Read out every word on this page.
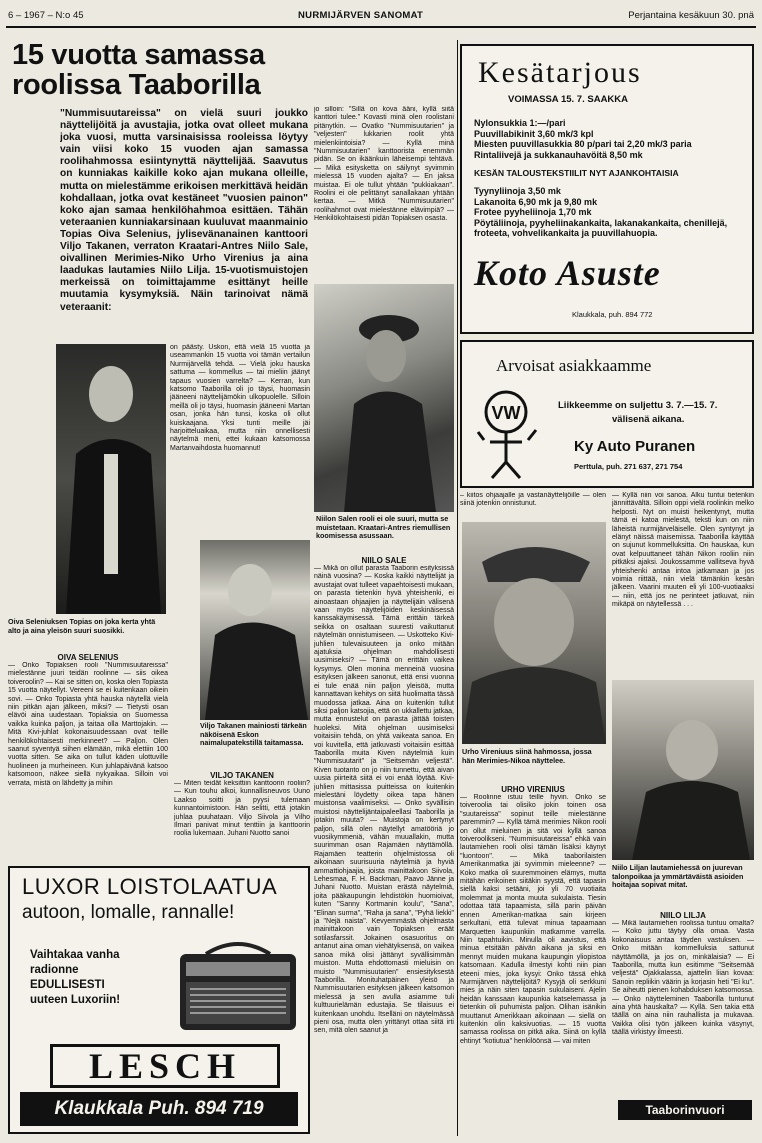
6 – 1967 – N:o 45	NURMIJÄRVEN SANOMAT	Perjantaina kesäkuun 30. pnä
15 vuotta samassa
roolissa Taaborilla
"Nummisuutareissa" on vielä suuri joukko näyttelijöitä ja avustajia, jotka ovat olleet mukana joka vuosi, mutta varsinaisissa rooleissa löytyy vain viisi koko 15 vuoden ajan samassa roolihahmossa esiintynyttä näyttelijää. Saavutus on kunniakas kaikille koko ajan mukana olleille, mutta on mielestämme erikoisen merkittävä heidän kohdallaan, jotka ovat kestäneet "vuosien painon" koko ajan samaa henkilöhahmoa esittäen. Tähän veteraanien kunniakarsinaan kuuluvat maanmainio Topias Oiva Selenius, jylisevänanainen kanttoori Viljo Takanen, verraton Kraatari-Antres Niilo Sale, oivallinen Merimies-Niko Urho Virenius ja aina laadukas lautamies Niilo Lilja. 15-vuotismuistojen merkeissä on toimittajamme esittänyt heille muutamia kysymyksiä. Näin tarinoivat nämä veteraanit:
jo silloin: "Sillä on kova ääni, kyllä siitä kanttori tulee." Kovasti minä olen roolistani pitänytkin. — Ovatko "Nummisuutarien" ja "veljesten" lukkarien roolit yhtä mielenkiintoisia? — Kyllä minä "Nummisuutarien" kanttoorista enemmän pidän. Se on ikäänkuin läheisempi tehtävä. — Mikä esitysketta on säilynyt syvimmin mielessä 15 vuoden ajalta? — En jaksa muistaa. Ei ole tullut yhtään "pukkiakaan". Roolini ei ole pelittänyt sanallakaan yhtään kertaa. — Mitkä "Nummisuutarien" roolihahmot ovat mielestänne elävimpiä? — Henkilökohtaisesti pidän Topiaksen osasta.
Niilon Salen rooli ei ole suuri, mutta se muistetaan. Kraatari-Antres riemullisen koomisessa asussaan.
NIILO SALE
— Mikä on ollut parasta Taaborin esityksissä näinä vuosina? — Koska kaikki näyttelijät ja avustajat ovat tulleet vapaehtoisesti mukaan, on parasta tietenkin hyvä yhteishenki, ei ainoastaan ohjaajien ja näyttelijäin välisenä vaan myös näyttelijöiden keskinäisessä kanssakäymisessä. Tämä erittäin tärkeä seikka on osaltaan suuresti vaikuttanut näytelmän onnistumiseen. — Uskotteko Kivi-juhlien tulevaisuuteen ja onko mitään ajatuksia ohjelman mahdollisesti uusimiseksi? — Tämä on erittäin vaikea kysymys. Olen monina menneinä vuosina esityksen jälkeen sanonut, että ensi vuonna ei tule enää niin paljon yleisöä, mutta kannattavan kehitys on siitä huolimatta tässä muodossa jatkaa. Aina on kuitenkin tullut siksi paljon katsojia, että on ukkallettu jatkaa, mutta ennustelut on parasta jättää toisten huoleksi. Mitä ohjelman uusimiseksi voitaisiin tehdä, on yhtä vaikeata sanoa. En voi kuvitella, että jatkuvasti voitaisiin esittää Taaborilla muita Kiven näytelmiä kuin "Nummisuutarit" ja "Seitsemän veljestä". Kiven tuotanto on jo niin tunnettu, että aivan uusia piirteitä siitä ei voi enää löytää. Kivi-juhlien mittasissa puitteissa on kuitenkin mielestäni löydetty oikea tapa hänen muistonsa vaalimiseksi. — Onko syvällisin muistosi näyttelijäntaipaleellasi Taaborilla ja jotakin muuta? — Muistoja on kertynyt paljon, sillä olen näytellyt amatööriä jo vuosikymmeniä, vähän muuallakin, mutta suurimman osan Rajamäen näyttämöllä. Rajamäen teatterin ohjelmistossa oli aikoinaan suurisuuria näytelmiä ja hyviä ammattiohjaajia, joista mainittakoon Siivola, Lehesmaa, F. H. Backman, Paavo Jänne ja Juhani Nuotto. Muistan erästä näytelmiä, joita pääkaupungin lehdistökin huomioivat, kuten "Sanny Kortmanin koulu", "Sana", "Elinan surma", "Raha ja sana", "Pyhä liekki" ja "Nejä naista". Kevyemmästä ohjelmasta mainittakoon vain Topiaksen eräät sotilasfarssit. Jokainen osasuoritus on antanut aina oman viehätyksensä, on vaikea sanoa mikä olisi jättänyt syvällisimmän muiston. Mutta ehdottomasti mieluisin on muisto "Nummisuutarien" ensiesityksestä Taaborilla. Monituhatpäinen yleisö ja Nummisuutarien esityksen jälkeen katsomon mielessä ja sen avulla asiamme tuli kulttuurielämän edustajia. Se tilaisuus ei kuitenkaan unohdu. Itselläni on näytelmässä pieni osa, mutta olen yrittänyt ottaa siitä irti sen, mitä olen saanut ja
Oiva Seleniuksen Topias on joka kerta yhtä alto ja aina yleisön suuri suosikki.
on päästy. Uskon, että vielä 15 vuotta ja useammankin 15 vuotta voi tämän vertailun Nurmijärvellä tehdä. — Vielä joku hauska sattuma — kommellus — tai mieliin jäänyt tapaus vuosien varrelta? — Kerran, kun katsomo Taaborilla oli jo täysi, huomasin jääneeni näyttelijämökin ulkopuolelle. Silloin meillä oli jo täysi, huomasin jääneeni Martan osan, jonka hän tunsi, koska oli ollut kuiskaajana. Yksi tunti meille jäi harjoitteluaikaa, mutta niin onnellisesti näytelmä meni, ettei kukaan katsomossa Martanvaihdosta huomannut!
Viljo Takanen mainiosti tärkeän näköisenä Eskon naimalupatekstillä taitamassa.
OIVA SELENIUS
— Onko Topiaksen rooli "Nummisuutareissa" mielestänne juuri teidän roolinne — siis oikea toiveroolin? — Kai se sitten on, koska olen Topiasta 15 vuotta näytellyt. Vereeni se ei kuitenkaan oikein sovi. — Onko Topiasta yhtä hauska näytellä vielä niin pitkän ajan jälkeen, miksi? — Tietysti osan elävöi aina uudestaan. Topiaksia on Suomessa vaikka kuinka paljon, ja taitaa olla Marttojakin. — Mitä Kivi-juhlat kokonaisuudessaan ovat teille henkilökohtaisesti merkinneet? — Paljon. Olen saanut syventyä siihen elämään, mikä elettiin 100 vuotta sitten. Se aika on tullut käden ulottuville huolineen ja murheineen. Kun juhlapäivänä katsoo katsomoon, näkee siellä nykyaikaa. Silloin voi verrata, mistä on lähdetty ja mihin
VILJO TAKANEN
— Miten teidät keksittiin kanttoorin rooliin? — Kun touhu alkoi, kunnallisneuvos Uuno Laakso soitti ja pyysi tulemaan kunnantoimistoon. Hän selitti, että jotakin juhlaa puuhataan. Viljo Siivola ja Vilho Ilmari panivat minut tenttiin ja kanttoorin roolia lukemaan. Juhani Nuotto sanoi
LUXOR LOISTOLAATUA
autoon, lomalle, rannalle!
Vaihtakaa vanha
radionne
EDULLISESTI
uuteen Luxoriin!
LESCH
Klaukkala Puh. 894 719
Kesätarjous
VOIMASSA 15. 7. SAAKKA
Nylonsukkia 1:—/pari
Puuvillabikinit 3,60 mk/3 kpl
Miesten puuvillasukkia 80 p/pari tai 2,20 mk/3 paria
Rintaliivejä ja sukkanauhavöitä 8,50 mk
KESÄN TALOUSTEKSTIILIT NYT AJANKOHTAISIA
Tyynyliinoja 3,50 mk
Lakanoita 6,90 mk ja 9,80 mk
Frotee pyyheliinoja 1,70 mk
Pöytäliinoja, pyyheliinakankaita, lakanakankaita, chenillejä, froteeta, vohvelikankaita ja puuvillahuopia.
Koto Asuste
Klaukkala, puh. 894 772
Arvoisat asiakkaamme
VW	Liikkeemme on suljettu 3. 7.—15. 7.
välisenä aikana.
Ky Auto Puranen
Perttula, puh. 271 637, 271 754
– kiitos ohjaajalle ja vastanäyttelijöille — olen siinä jotenkin onnistunut.
Urho Vireniuus siinä hahmossa, jossa hän Merimies-Nikoa näyttelee.
URHO VIRENIUS
— Roolinne istuu teille hyvin. Onko se toiveroolia tai olisiko jokin toinen osa "suutareissa" sopinut teille mielestänne paremmin? — Kyllä tämä merimies Nikon rooli on ollut mieluinen ja sitä voi kyllä sanoa toiveroolikseni. "Nummisuutareissa" ehkä vain lautamiehen rooli olisi tämän lisäksi käynyt "luontoon". — Mikä taaborilaisten Amerikanmatka jäi syvimmin mieleenne? — Koko matka oli suuremmoinen elämys, mutta mitähän erikoinen siitäkin syystä, että tapasin siellä kaksi setääni, joi yli 70 vuotiaita molemmat ja monta muuta sukulaista. Tiesin odottaa tätä tapaamista, sillä parin päivän ennen Amerikan-matkaa sain kirjeen serkultani, että tulevat minua tapaamaan Marquetten kaupunkiin matkamme varrella. Niin tapahtuikin. Minulla oli aavistus, että minua etsitään päivän aikana ja siksi en mennyt muiden mukana kaupungin yliopistoa katsomaan. Kadulla ilmestyi kohti niin pian eteeni mies, joka kysyi: Onko tässä ehkä Nurmijärven näyttelijöitä? Kysyjä oli serkkuni mies ja näin siten tapasin sukulaiseni. Ajelin heidän kanssaan kaupunkia katselemassa ja tietenkin oli puhumista paljon. Olihan isänikin muuttanut Amerikkaan aikoinaan — siellä on kuitenkin olin kaksivuotias. — 15 vuotta samassa roolissa on pitkä aika. Siinä on kyllä ehtinyt "kotiutua" henkilöönsä — vai miten
— Kyllä niin voi sanoa. Alku tuntui tietenkin jännittävältä. Silloin oppi vielä roolinkin melko helposti. Nyt on muisti heikentynyt, mutta tämä ei katoa mielestä, teksti kun on niin läheistä nurmijärveläiselle. Olen syntynyt ja elänyt näissä maisemissa. Taaborilla käyttää on sujunut kommelluksitta. On hauskaa, kun ovat kelpuuttaneet tähän Nikon rooliin niin pitkäksi ajaksi. Joukossamme vallitseva hyvä yhteishenki antaa intoa jatkamaan ja jos voimia riittää, niin vielä tämänkin kesän jälkeen. Vaarini muuten eli yli 100-vuotiaaksi — niin, että jos ne perinteet jatkuvat, niin mikäpä on näytellessä . . .
Niilo Liljan lautamiehessä on juurevan talonpoikaa ja ymmärtäväistä asioiden hoitajaa sopivat mitat.
NIILO LILJA
— Mikä lautamiehen roolissa tuntuu omalta? — Koko juttu täytyy olla omaa. Vasta kokonaisuus antaa täyden vastuksen. — Onko mitään kommelluksia sattunut näyttämöllä, ja jos on, minkälaisia? — Ei Taaborilla, mutta kun esitimme "Seitsemää veljestä" Ojakkalassa, ajattelin liian kovaa: Sanoin repliikin väärin ja korjasin heti "Ei ku". Se aiheutti pienen kohabduksen katsomossa. — Onko näytteleminen Taaborilla tuntunut aina yhtä hauskalta? — Kyllä. Sen takia että täällä on aina niin rauhallista ja mukavaa. Vaikka olisi työn jälkeen kuinka väsynyt, täällä virkistyy ilmeesti.
Taaborinvuori
